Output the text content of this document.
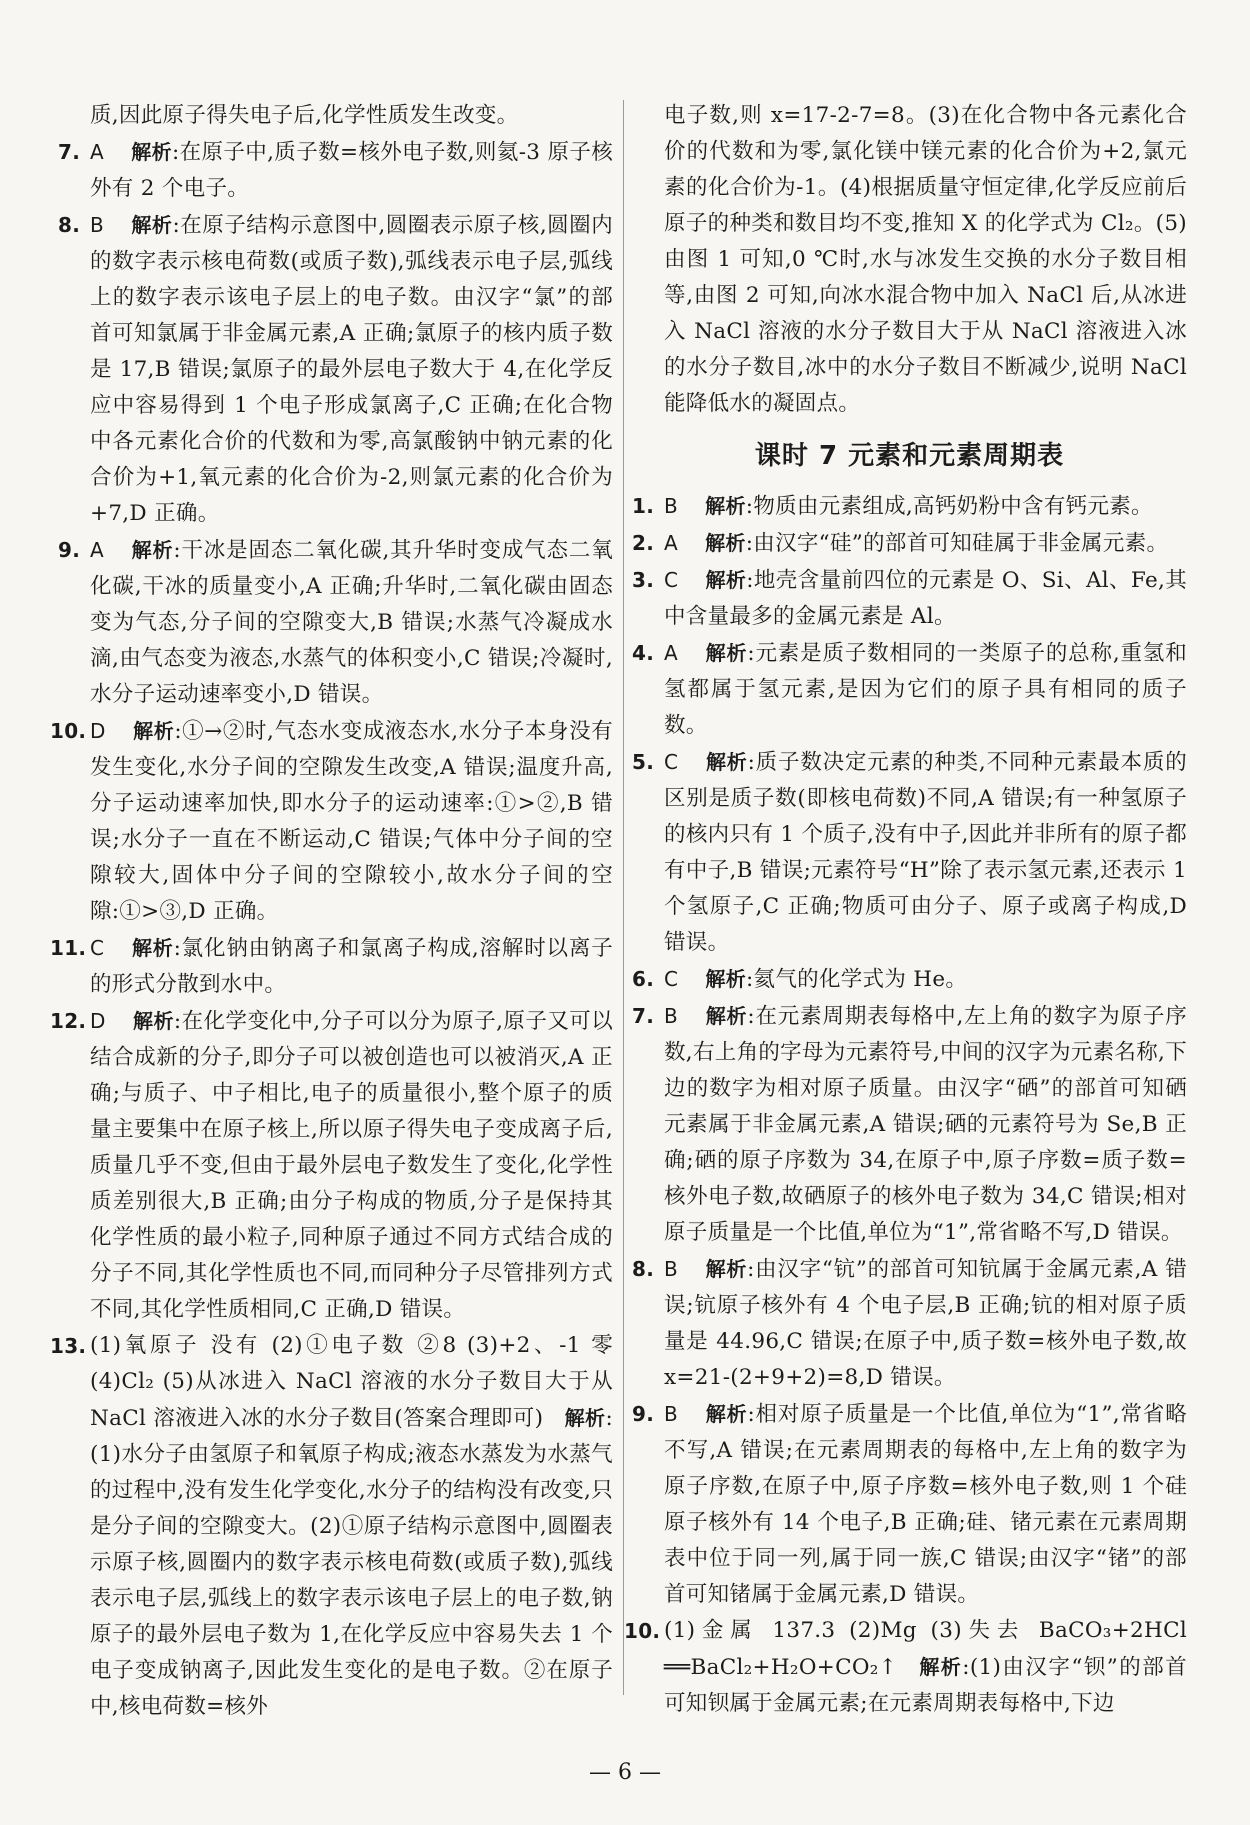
质,因此原子得失电子后,化学性质发生改变。
7. A 解析:在原子中,质子数=核外电子数,则氦-3 原子核外有 2 个电子。
8. B 解析:在原子结构示意图中,圆圈表示原子核,圆圈内的数字表示核电荷数(或质子数),弧线表示电子层,弧线上的数字表示该电子层上的电子数。由汉字“氯”的部首可知氯属于非金属元素,A 正确;氯原子的核内质子数是 17,B 错误;氯原子的最外层电子数大于 4,在化学反应中容易得到 1 个电子形成氯离子,C 正确;在化合物中各元素化合价的代数和为零,高氯酸钠中钠元素的化合价为+1,氧元素的化合价为-2,则氯元素的化合价为+7,D 正确。
9. A 解析:干冰是固态二氧化碳,其升华时变成气态二氧化碳,干冰的质量变小,A 正确;升华时,二氧化碳由固态变为气态,分子间的空隙变大,B 错误;水蒸气冷凝成水滴,由气态变为液态,水蒸气的体积变小,C 错误;冷凝时,水分子运动速率变小,D 错误。
10. D 解析:①→②时,气态水变成液态水,水分子本身没有发生变化,水分子间的空隙发生改变,A 错误;温度升高,分子运动速率加快,即水分子的运动速率:①>②,B 错误;水分子一直在不断运动,C 错误;气体中分子间的空隙较大,固体中分子间的空隙较小,故水分子间的空隙:①>③,D 正确。
11. C 解析:氯化钠由钠离子和氯离子构成,溶解时以离子的形式分散到水中。
12. D 解析:在化学变化中,分子可以分为原子,原子又可以结合成新的分子,即分子可以被创造也可以被消灭,A 正确;与质子、中子相比,电子的质量很小,整个原子的质量主要集中在原子核上,所以原子得失电子变成离子后,质量几乎不变,但由于最外层电子数发生了变化,化学性质差别很大,B 正确;由分子构成的物质,分子是保持其化学性质的最小粒子,同种原子通过不同方式结合成的分子不同,其化学性质也不同,而同种分子尽管排列方式不同,其化学性质相同,C 正确,D 错误。
13. (1)氧原子 没有 (2)①电子数 ②8 (3)+2、-1 零 (4)Cl₂ (5)从冰进入 NaCl 溶液的水分子数目大于从 NaCl 溶液进入冰的水分子数目(答案合理即可) 解析:(1)水分子由氢原子和氧原子构成;液态水蒸发为水蒸气的过程中,没有发生化学变化,水分子的结构没有改变,只是分子间的空隙变大。(2)①原子结构示意图中,圆圈表示原子核,圆圈内的数字表示核电荷数(或质子数),弧线表示电子层,弧线上的数字表示该电子层上的电子数,钠原子的最外层电子数为 1,在化学反应中容易失去 1 个电子变成钠离子,因此发生变化的是电子数。②在原子中,核电荷数=核外
电子数,则 x=17-2-7=8。(3)在化合物中各元素化合价的代数和为零,氯化镁中镁元素的化合价为+2,氯元素的化合价为-1。(4)根据质量守恒定律,化学反应前后原子的种类和数目均不变,推知 X 的化学式为 Cl₂。(5)由图 1 可知,0 ℃时,水与冰发生交换的水分子数目相等,由图 2 可知,向冰水混合物中加入 NaCl 后,从冰进入 NaCl 溶液的水分子数目大于从 NaCl 溶液进入冰的水分子数目,冰中的水分子数目不断减少,说明 NaCl 能降低水的凝固点。
课时 7 元素和元素周期表
1. B 解析:物质由元素组成,高钙奶粉中含有钙元素。
2. A 解析:由汉字“硅”的部首可知硅属于非金属元素。
3. C 解析:地壳含量前四位的元素是 O、Si、Al、Fe,其中含量最多的金属元素是 Al。
4. A 解析:元素是质子数相同的一类原子的总称,重氢和氢都属于氢元素,是因为它们的原子具有相同的质子数。
5. C 解析:质子数决定元素的种类,不同种元素最本质的区别是质子数(即核电荷数)不同,A 错误;有一种氢原子的核内只有 1 个质子,没有中子,因此并非所有的原子都有中子,B 错误;元素符号“H”除了表示氢元素,还表示 1 个氢原子,C 正确;物质可由分子、原子或离子构成,D 错误。
6. C 解析:氦气的化学式为 He。
7. B 解析:在元素周期表每格中,左上角的数字为原子序数,右上角的字母为元素符号,中间的汉字为元素名称,下边的数字为相对原子质量。由汉字“硒”的部首可知硒元素属于非金属元素,A 错误;硒的元素符号为 Se,B 正确;硒的原子序数为 34,在原子中,原子序数=质子数=核外电子数,故硒原子的核外电子数为 34,C 错误;相对原子质量是一个比值,单位为“1”,常省略不写,D 错误。
8. B 解析:由汉字“钪”的部首可知钪属于金属元素,A 错误;钪原子核外有 4 个电子层,B 正确;钪的相对原子质量是 44.96,C 错误;在原子中,质子数=核外电子数,故 x=21-(2+9+2)=8,D 错误。
9. B 解析:相对原子质量是一个比值,单位为“1”,常省略不写,A 错误;在元素周期表的每格中,左上角的数字为原子序数,在原子中,原子序数=核外电子数,则 1 个硅原子核外有 14 个电子,B 正确;硅、锗元素在元素周期表中位于同一列,属于同一族,C 错误;由汉字“锗”的部首可知锗属于金属元素,D 错误。
10. (1)金属 137.3 (2)Mg (3)失去 BaCO₃+2HCl ══BaCl₂+H₂O+CO₂↑ 解析:(1)由汉字“钡”的部首可知钡属于金属元素;在元素周期表每格中,下边
— 6 —
